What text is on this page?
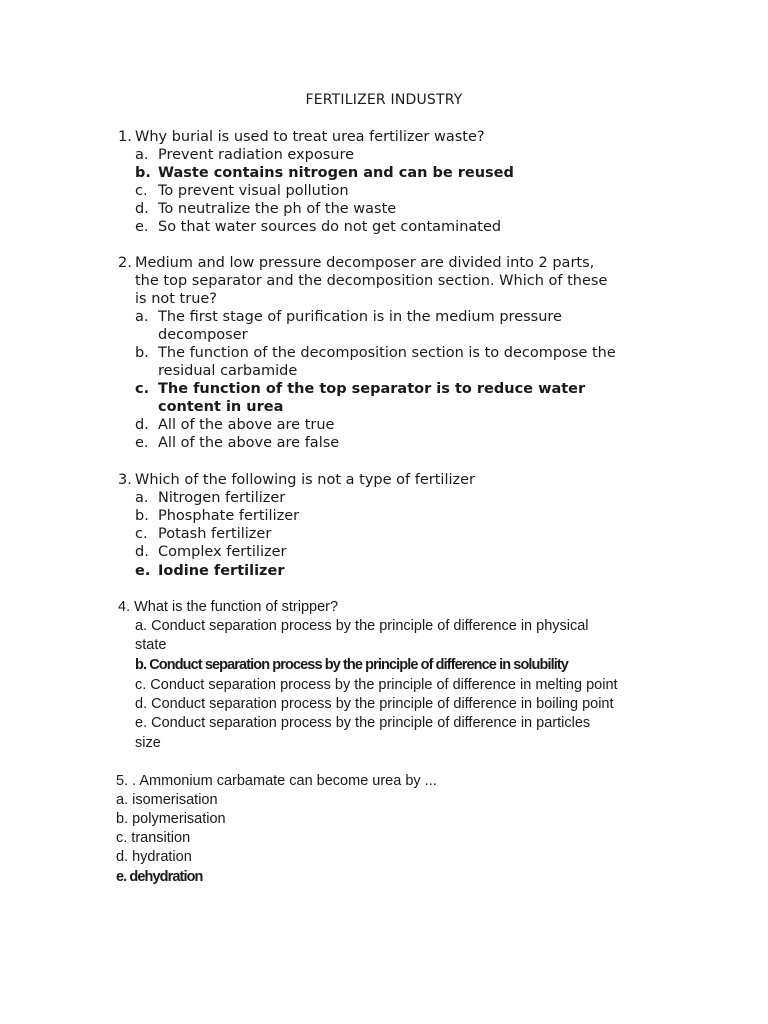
FERTILIZER INDUSTRY
1. Why burial is used to treat urea fertilizer waste?
a. Prevent radiation exposure
b. Waste contains nitrogen and can be reused
c. To prevent visual pollution
d. To neutralize the ph of the waste
e. So that water sources do not get contaminated
2. Medium and low pressure decomposer are divided into 2 parts,
the top separator and the decomposition section. Which of these
is not true?
a. The first stage of purification is in the medium pressure
decomposer
b. The function of the decomposition section is to decompose the
residual carbamide
c. The function of the top separator is to reduce water
content in urea
d. All of the above are true
e. All of the above are false
3. Which of the following is not a type of fertilizer
a. Nitrogen fertilizer
b. Phosphate fertilizer
c. Potash fertilizer
d. Complex fertilizer
e. Iodine fertilizer
4. What is the function of stripper?
a. Conduct separation process by the principle of difference in physical
state
b. Conduct separation process by the principle of difference in solubility
c. Conduct separation process by the principle of difference in melting point
d. Conduct separation process by the principle of difference in boiling point
e. Conduct separation process by the principle of difference in particles
size
5. . Ammonium carbamate can become urea by ...
a. isomerisation
b. polymerisation
c. transition
d. hydration
e. dehydration
